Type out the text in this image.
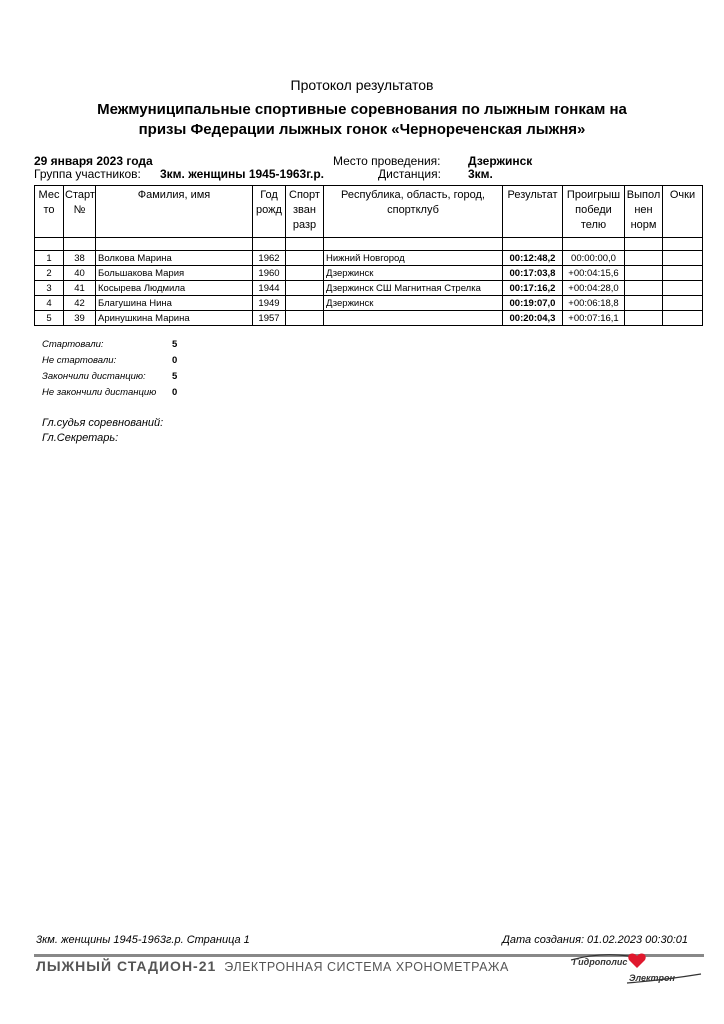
Протокол результатов
Межмуниципальные спортивные соревнования по лыжным гонкам на
призы Федерации лыжных гонок «Чернореченская лыжня»
29 января 2023 года	Место проведения: Дзержинск
Группа участников: 3км. женщины 1945-1963г.р.	Дистанция: 3км.
Мес то	Старт №	Фамилия, имя	Год рожд	Спорт зван разр	Республика, область, город, спортклуб	Результат	Проигрыш победи телю	Выпол нен норм	Очки

1	38	Волкова Марина	1962		Нижний Новгород	00:12:48,2	00:00:00,0		
2	40	Большакова Мария	1960		Дзержинск	00:17:03,8	+00:04:15,6		
3	41	Косырева Людмила	1944		Дзержинск СШ Магнитная Стрелка	00:17:16,2	+00:04:28,0		
4	42	Благушина Нина	1949		Дзержинск	00:19:07,0	+00:06:18,8		
5	39	Аринушкина Марина	1957			00:20:04,3	+00:07:16,1		
Стартовали:	5
Не стартовали:	0
Закончили дистанцию:	5
Не закончили дистанцию	0
Гл.судья соревнований:
Гл.Секретарь:
3км. женщины 1945-1963г.р. Страница 1	Дата создания: 01.02.2023 00:30:01
ЛЫЖНЫЙ СТАДИОН-21 ЭЛЕКТРОННАЯ СИСТЕМА ХРОНОМЕТРАЖА	Гидрополис
Электрон
